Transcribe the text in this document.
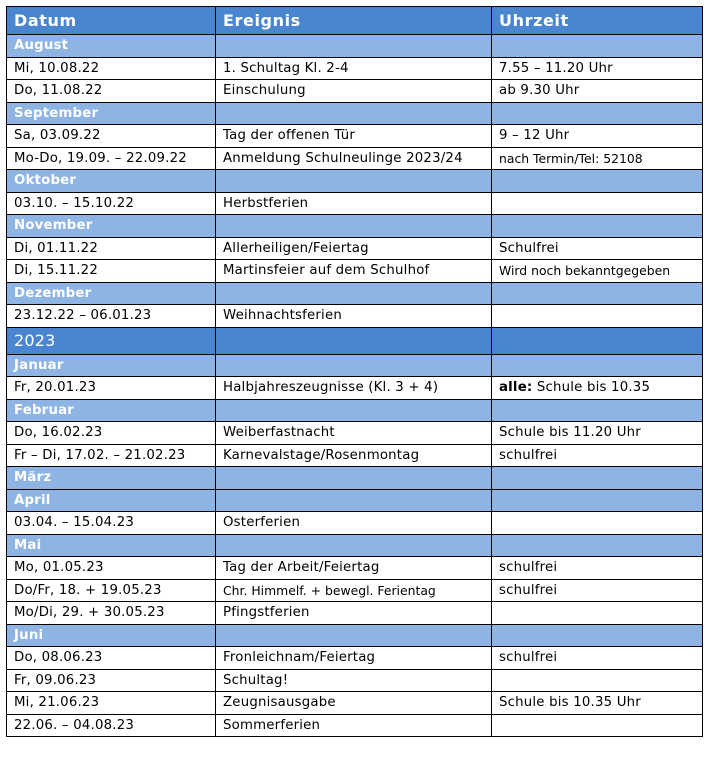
Datum	Ereignis	Uhrzeit
August		
Mi, 10.08.22	1. Schultag Kl. 2-4	7.55 – 11.20 Uhr
Do, 11.08.22	Einschulung	ab 9.30 Uhr
September		
Sa, 03.09.22	Tag der offenen Tür	9 – 12 Uhr
Mo-Do, 19.09. – 22.09.22	Anmeldung Schulneulinge 2023/24	nach Termin/Tel: 52108
Oktober		
03.10. – 15.10.22	Herbstferien	
November		
Di, 01.11.22	Allerheiligen/Feiertag	Schulfrei
Di, 15.11.22	Martinsfeier auf dem Schulhof	Wird noch bekanntgegeben
Dezember		
23.12.22 – 06.01.23	Weihnachtsferien	
2023		
Januar		
Fr, 20.01.23	Halbjahreszeugnisse (Kl. 3 + 4)	alle: Schule bis 10.35
Februar		
Do, 16.02.23	Weiberfastnacht	Schule bis 11.20 Uhr
Fr – Di, 17.02. – 21.02.23	Karnevalstage/Rosenmontag	schulfrei
März		
April		
03.04. – 15.04.23	Osterferien	
Mai		
Mo, 01.05.23	Tag der Arbeit/Feiertag	schulfrei
Do/Fr, 18. + 19.05.23	Chr. Himmelf. + bewegl. Ferientag	schulfrei
Mo/Di, 29. + 30.05.23	Pfingstferien	
Juni		
Do, 08.06.23	Fronleichnam/Feiertag	schulfrei
Fr, 09.06.23	Schultag!	
Mi, 21.06.23	Zeugnisausgabe	Schule bis 10.35 Uhr
22.06. – 04.08.23	Sommerferien	
